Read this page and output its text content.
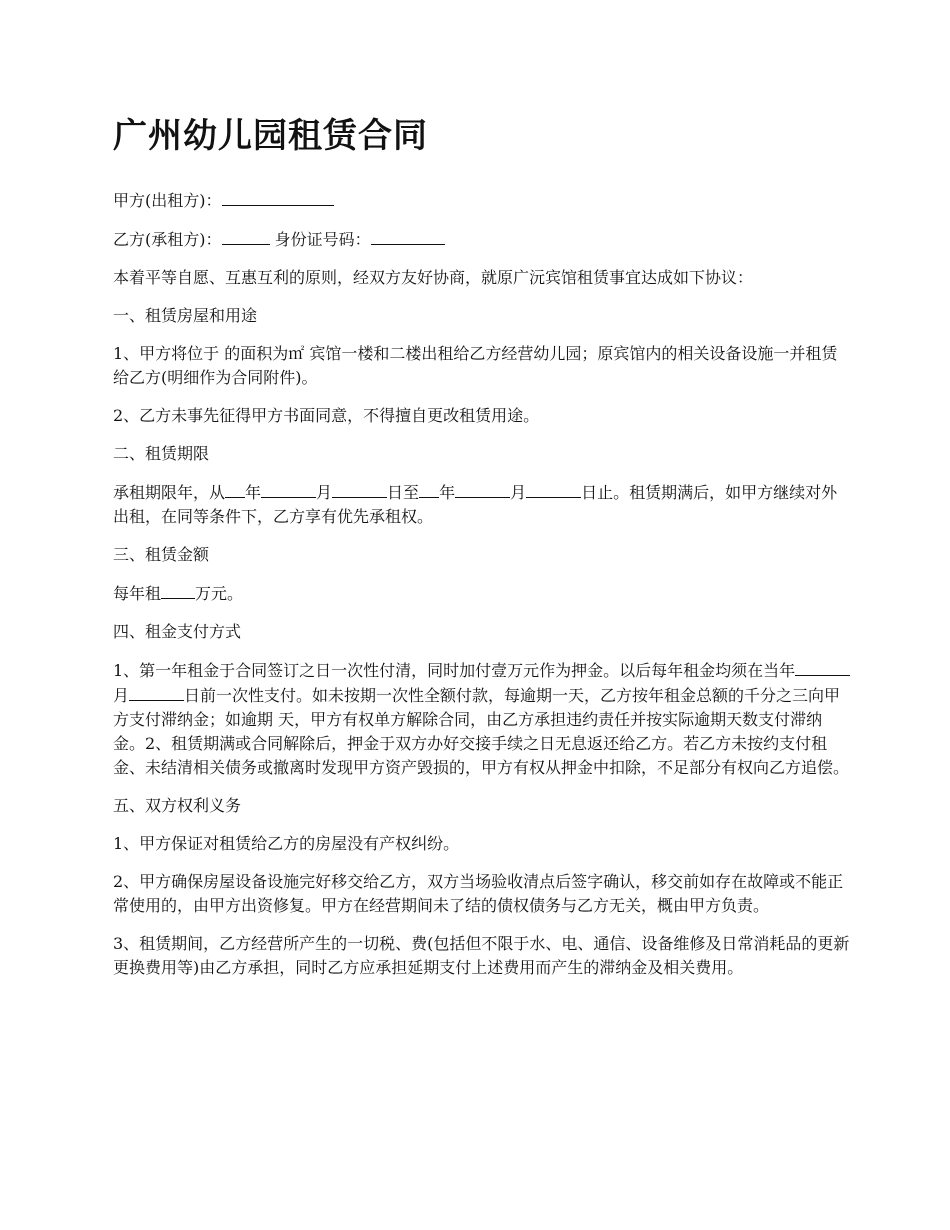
广州幼儿园租赁合同

甲方(出租方)：

乙方(承租方)：	身份证号码：

本着平等自愿、互惠互利的原则，经双方友好协商，就原广沅宾馆租赁事宜达成如下协议：

一、租赁房屋和用途

1、甲方将位于 的面积为㎡ 宾馆一楼和二楼出租给乙方经营幼儿园；原宾馆内的相关设备设施一并租赁给乙方(明细作为合同附件)。

2、乙方未事先征得甲方书面同意，不得擅自更改租赁用途。

二、租赁期限

承租期限年，从 年	月	日至 年	月	日止。租赁期满后，如甲方继续对外出租，在同等条件下，乙方享有优先承租权。

三、租赁金额

每年租 万元。

四、租金支付方式

1、第一年租金于合同签订之日一次性付清，同时加付壹万元作为押金。以后每年租金均须在当年月	日前一次性支付。如未按期一次性全额付款，每逾期一天，乙方按年租金总额的千分之三向甲方支付滞纳金；如逾期 天，甲方有权单方解除合同，由乙方承担违约责任并按实际逾期天数支付滞纳金。2、租赁期满或合同解除后，押金于双方办好交接手续之日无息返还给乙方。若乙方未按约支付租金、未结清相关债务或撤离时发现甲方资产毁损的，甲方有权从押金中扣除，不足部分有权向乙方追偿。

五、双方权利义务

1、甲方保证对租赁给乙方的房屋没有产权纠纷。

2、甲方确保房屋设备设施完好移交给乙方，双方当场验收清点后签字确认，移交前如存在故障或不能正常使用的，由甲方出资修复。甲方在经营期间未了结的债权债务与乙方无关，概由甲方负责。

3、租赁期间，乙方经营所产生的一切税、费(包括但不限于水、电、通信、设备维修及日常消耗品的更新更换费用等)由乙方承担，同时乙方应承担延期支付上述费用而产生的滞纳金及相关费用。
